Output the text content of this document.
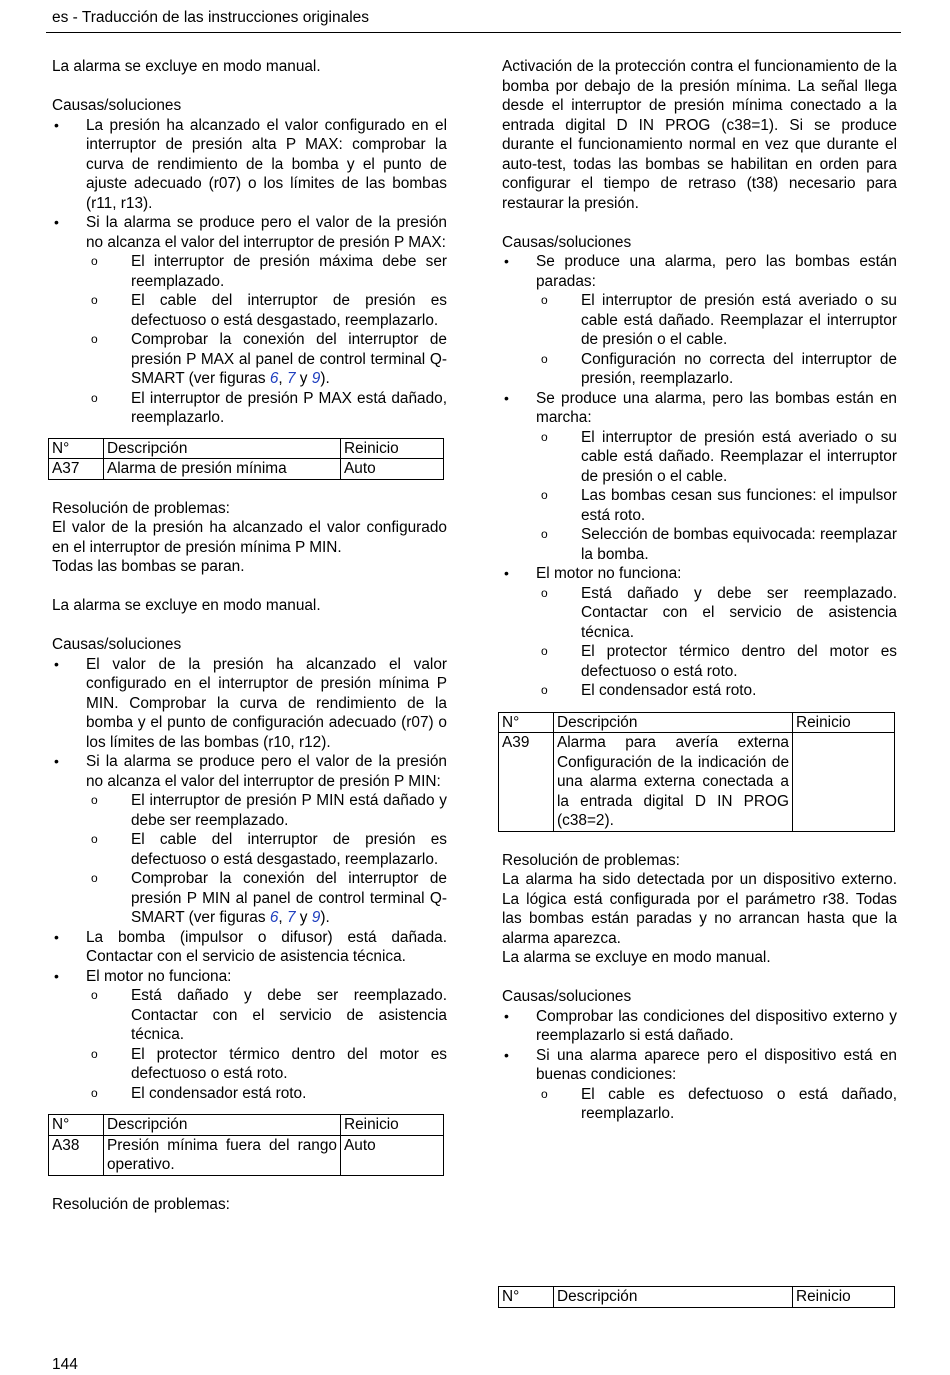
es - Traducción de las instrucciones originales

La alarma se excluye en modo manual.

Causas/soluciones

• La presión ha alcanzado el valor configurado en el interruptor de presión alta P MAX: comprobar la curva de rendimiento de la bomba y el punto de ajuste adecuado (r07) o los límites de las bombas (r11, r13).
• Si la alarma se produce pero el valor de la presión no alcanza el valor del interruptor de presión P MAX:
o El interruptor de presión máxima debe ser reemplazado.
o El cable del interruptor de presión es defectuoso o está desgastado, reemplazarlo.
o Comprobar la conexión del interruptor de presión P MAX al panel de control terminal Q-SMART (ver figuras 6, 7 y 9).
o El interruptor de presión P MAX está dañado, reemplazarlo.
N°	Descripción	Reinicio
A37	Alarma de presión mínima	Auto

Resolución de problemas:

El valor de la presión ha alcanzado el valor configurado en el interruptor de presión mínima P MIN.

Todas las bombas se paran.

La alarma se excluye en modo manual.

Causas/soluciones

• El valor de la presión ha alcanzado el valor configurado en el interruptor de presión mínima P MIN. Comprobar la curva de rendimiento de la bomba y el punto de configuración adecuado (r07) o los límites de las bombas (r10, r12).
• Si la alarma se produce pero el valor de la presión no alcanza el valor del interruptor de presión P MIN:
o El interruptor de presión P MIN está dañado y debe ser reemplazado.
o El cable del interruptor de presión es defectuoso o está desgastado, reemplazarlo.
o Comprobar la conexión del interruptor de presión P MIN al panel de control terminal Q-SMART (ver figuras 6, 7 y 9).
• La bomba (impulsor o difusor) está dañada. Contactar con el servicio de asistencia técnica.
• El motor no funciona:
o Está dañado y debe ser reemplazado. Contactar con el servicio de asistencia técnica.
o El protector térmico dentro del motor es defectuoso o está roto.
o El condensador está roto.
N°	Descripción	Reinicio
A38	Presión mínima fuera del rango operativo.	Auto

Resolución de problemas:

Activación de la protección contra el funcionamiento de la bomba por debajo de la presión mínima. La señal llega desde el interruptor de presión mínima conectado a la entrada digital D IN PROG (c38=1). Si se produce durante el funcionamiento normal en vez que durante el auto-test, todas las bombas se habilitan en orden para configurar el tiempo de retraso (t38) necesario para restaurar la presión.

Causas/soluciones

• Se produce una alarma, pero las bombas están paradas:
o El interruptor de presión está averiado o su cable está dañado. Reemplazar el interruptor de presión o el cable.
o Configuración no correcta del interruptor de presión, reemplazarlo.
• Se produce una alarma, pero las bombas están en marcha:
o El interruptor de presión está averiado o su cable está dañado. Reemplazar el interruptor de presión o el cable.
o Las bombas cesan sus funciones: el impulsor está roto.
o Selección de bombas equivocada: reemplazar la bomba.
• El motor no funciona:
o Está dañado y debe ser reemplazado. Contactar con el servicio de asistencia técnica.
o El protector térmico dentro del motor es defectuoso o está roto.
o El condensador está roto.
N°	Descripción	Reinicio
A39	Alarma para avería externa Configuración de la indicación de una alarma externa conectada a la entrada digital D IN PROG (c38=2).	

Resolución de problemas:

La alarma ha sido detectada por un dispositivo externo. La lógica está configurada por el parámetro r38. Todas las bombas están paradas y no arrancan hasta que la alarma aparezca.

La alarma se excluye en modo manual.

Causas/soluciones

• Comprobar las condiciones del dispositivo externo y reemplazarlo si está dañado.
• Si una alarma aparece pero el dispositivo está en buenas condiciones:
o El cable es defectuoso o está dañado, reemplazarlo.
N°	Descripción	Reinicio
144
